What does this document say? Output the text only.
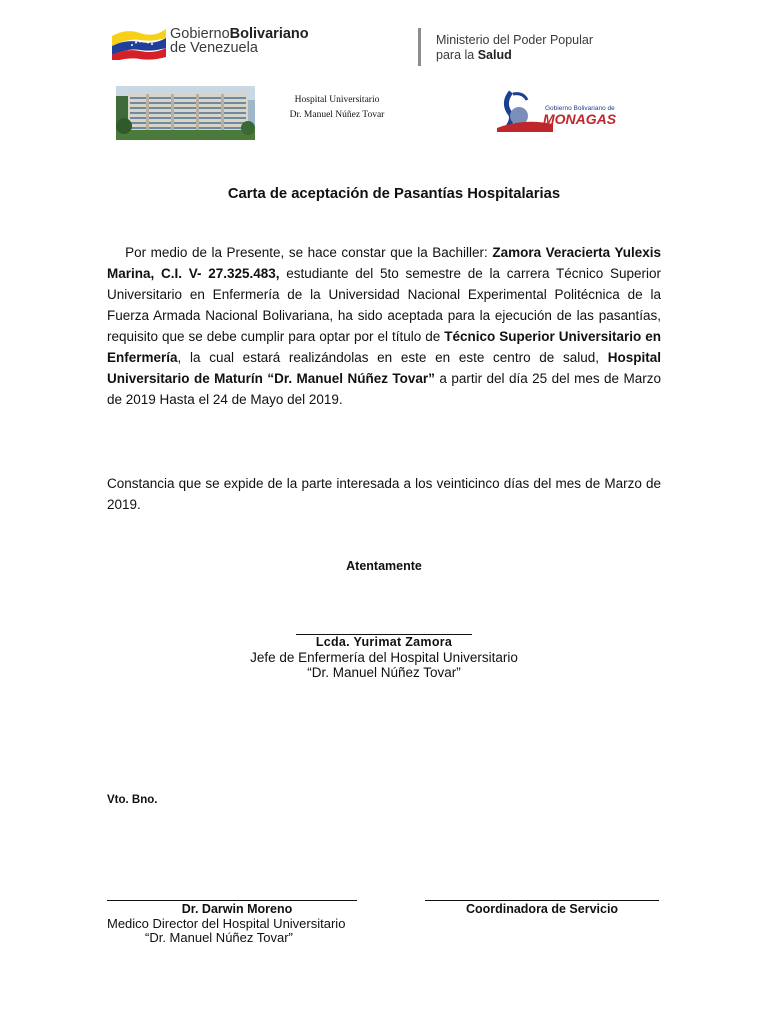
GobiernoBolivariano
de Venezuela	Ministerio del Poder Popular
para la Salud
Hospital Universitario
Dr. Manuel Núñez Tovar
Gobierno Bolivariano de
MONAGAS
Carta de aceptación de Pasantías Hospitalarias
Por medio de la Presente, se hace constar que la Bachiller: Zamora Veracierta Yulexis Marina, C.I. V- 27.325.483, estudiante del 5to semestre de la carrera Técnico Superior Universitario en Enfermería de la Universidad Nacional Experimental Politécnica de la Fuerza Armada Nacional Bolivariana, ha sido aceptada para la ejecución de las pasantías, requisito que se debe cumplir para optar por el título de Técnico Superior Universitario en Enfermería, la cual estará realizándolas en este en este centro de salud, Hospital Universitario de Maturín “Dr. Manuel Núñez Tovar” a partir del día 25 del mes de Marzo de 2019 Hasta el 24 de Mayo del 2019.
Constancia que se expide de la parte interesada a los veinticinco días del mes de Marzo de 2019.
Atentamente
Lcda. Yurimat Zamora
Jefe de Enfermería del Hospital Universitario
“Dr. Manuel Núñez Tovar”
Vto. Bno.
Dr. Darwin Moreno
Medico Director del Hospital Universitario
“Dr. Manuel Núñez Tovar”
Coordinadora de Servicio
